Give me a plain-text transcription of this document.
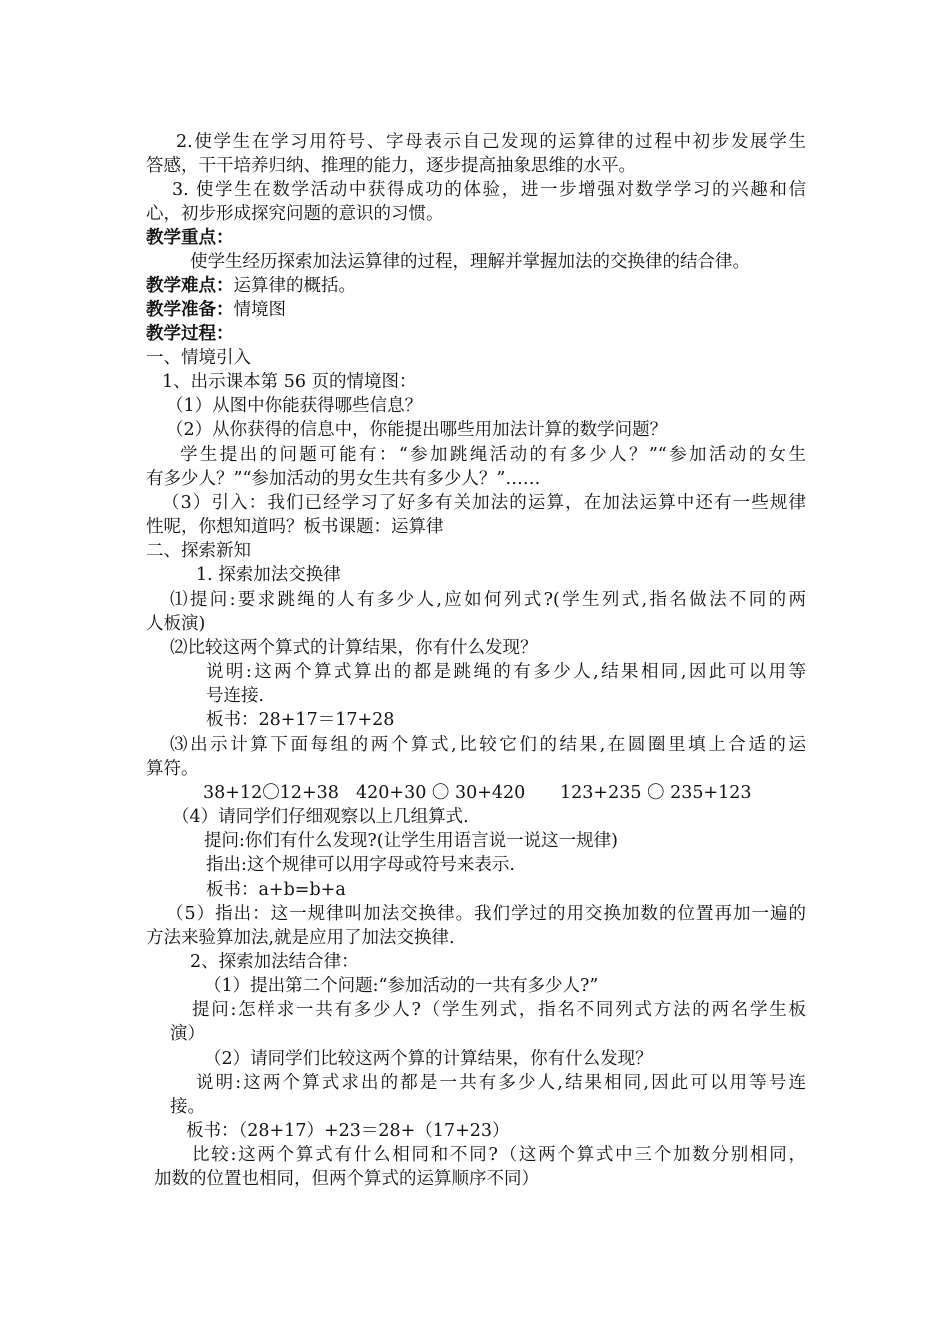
2.使学生在学习用符号、字母表示自己发现的运算律的过程中初步发展学生
答感，干干培养归纳、推理的能力，逐步提高抽象思维的水平。
3. 使学生在数学活动中获得成功的体验，进一步增强对数学学习的兴趣和信
心，初步形成探究问题的意识的习惯。
教学重点：
使学生经历探索加法运算律的过程，理解并掌握加法的交换律的结合律。
教学难点：运算律的概括。
教学准备：情境图
教学过程：
一、情境引入
1、出示课本第 56 页的情境图：
（1）从图中你能获得哪些信息？
（2）从你获得的信息中，你能提出哪些用加法计算的数学问题？
学生提出的问题可能有：“参加跳绳活动的有多少人？”“参加活动的女生
有多少人？”“参加活动的男女生共有多少人？”……
（3）引入：我们已经学习了好多有关加法的运算，在加法运算中还有一些规律
性呢，你想知道吗？板书课题：运算律
二、探索新知
1. 探索加法交换律
⑴提问:要求跳绳的人有多少人,应如何列式?(学生列式,指名做法不同的两
人板演)
⑵比较这两个算式的计算结果，你有什么发现？
说明:这两个算式算出的都是跳绳的有多少人,结果相同,因此可以用等
号连接.
板书：28+17＝17+28
⑶出示计算下面每组的两个算式,比较它们的结果,在圆圈里填上合适的运
算符。
38+12〇12+38 420+30 〇 30+420 123+235 〇 235+123
（4）请同学们仔细观察以上几组算式.
提问:你们有什么发现?(让学生用语言说一说这一规律)
指出:这个规律可以用字母或符号来表示.
板书：a+b=b+a
（5）指出：这一规律叫加法交换律。我们学过的用交换加数的位置再加一遍的
方法来验算加法,就是应用了加法交换律.
2、探索加法结合律：
（1）提出第二个问题:“参加活动的一共有多少人?”
提问:怎样求一共有多少人?（学生列式，指名不同列式方法的两名学生板
演）
（2）请同学们比较这两个算的计算结果，你有什么发现？
说明:这两个算式求出的都是一共有多少人,结果相同,因此可以用等号连
接。
板书：（28+17）+23＝28+（17+23）
比较:这两个算式有什么相同和不同?（这两个算式中三个加数分别相同，
加数的位置也相同，但两个算式的运算顺序不同）
